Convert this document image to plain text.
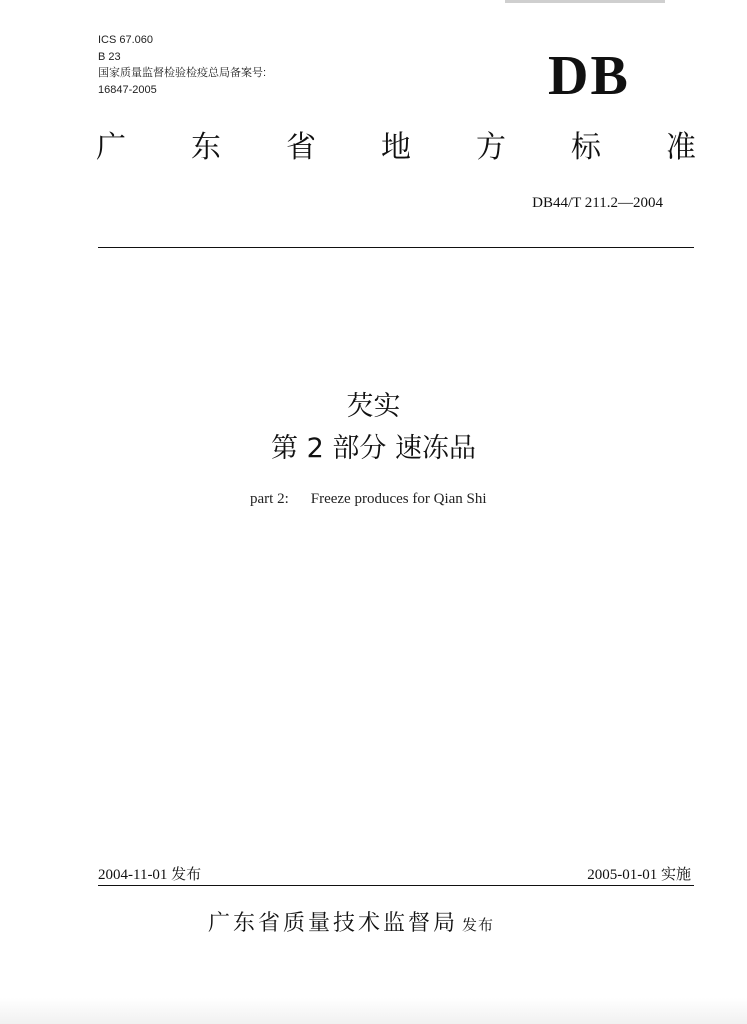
ICS 67.060
B 23
国家质量监督检验检疫总局备案号:
16847-2005	DB
广 东 省 地 方 标 准
DB44/T 211.2—2004
芡实
第 2 部分 速冻品
part 2: Freeze produces for Qian Shi
2004-11-01 发布	2005-01-01 实施
广东省质量技术监督局 发布
